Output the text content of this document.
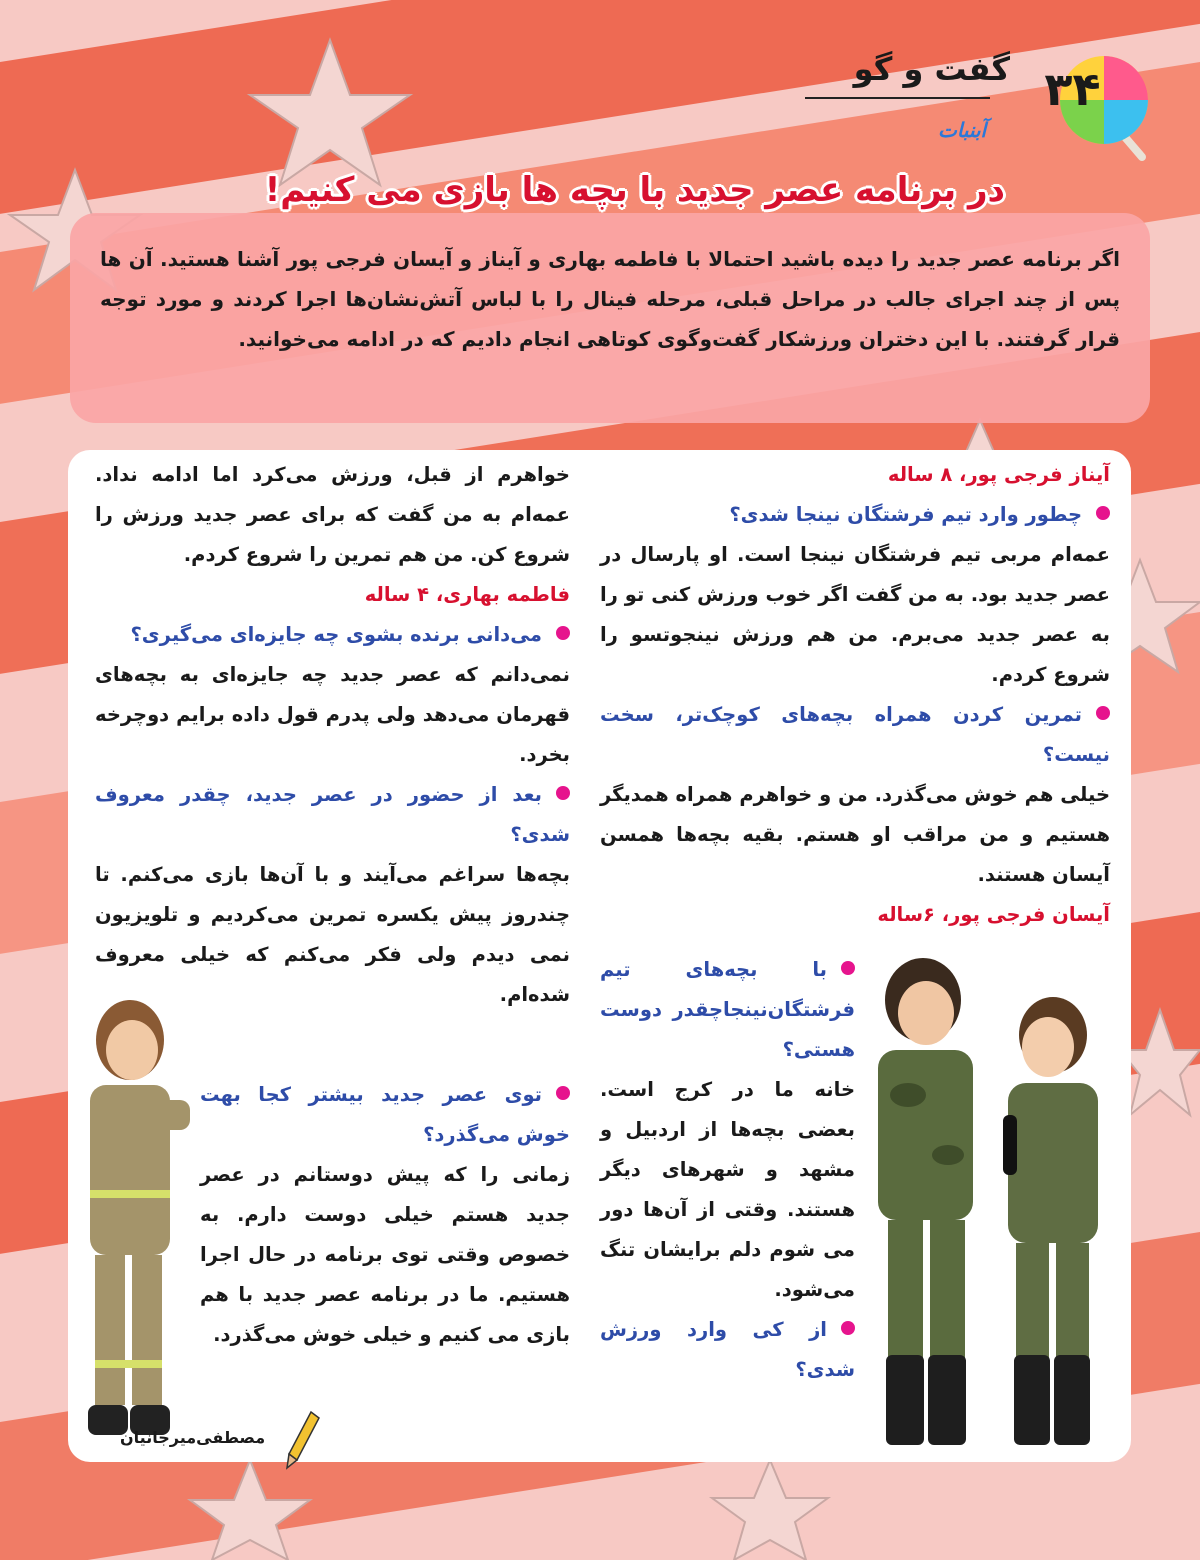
گفت و گو ۳۴
آبنبات
در برنامه عصر جدید با بچه ها بازی می کنیم!

اگر برنامه عصر جدید را دیده باشید احتمالا با فاطمه بهاری و آیناز و آیسان فرجی پور آشنا هستید. آن ها پس از چند اجرای جالب در مراحل قبلی، مرحله فینال را با لباس آتش‌نشان‌ها اجرا کردند و مورد توجه قرار گرفتند. با این دختران ورزشکار گفت‌وگوی کوتاهی انجام دادیم که در ادامه می‌خوانید.

آیناز فرجی پور، ۸ ساله

چطور وارد تیم فرشتگان نینجا شدی؟

عمه‌ام مربی تیم فرشتگان نینجا است. او پارسال در عصر جدید بود. به من گفت اگر خوب ورزش کنی تو را به عصر جدید می‌برم. من هم ورزش نینجوتسو را شروع کردم.

تمرین کردن همراه بچه‌های کوچک‌تر، سخت نیست؟

خیلی هم خوش می‌گذرد. من و خواهرم همراه همدیگر هستیم و من مراقب او هستم. بقیه بچه‌ها همسن آیسان هستند.

آیسان فرجی پور، ۶ساله

با بچه‌های تیم فرشتگان‌نینجاچقدر دوست هستی؟

خانه ما در کرج است. بعضی بچه‌ها از اردبیل و مشهد و شهرهای دیگر هستند. وقتی از آن‌ها دور می شوم دلم برایشان تنگ می‌شود.

از کی وارد ورزش شدی؟

خواهرم از قبل، ورزش می‌کرد اما ادامه نداد. عمه‌ام به من گفت که برای عصر جدید ورزش را شروع کن. من هم تمرین را شروع کردم.

فاطمه بهاری، ۴ ساله

می‌دانی برنده بشوی چه جایزه‌ای می‌گیری؟

نمی‌دانم که عصر جدید چه جایزه‌ای به بچه‌های قهرمان می‌دهد ولی پدرم قول داده برایم دوچرخه بخرد.

بعد از حضور در عصر جدید، چقدر معروف شدی؟

بچه‌ها سراغم می‌آیند و با آن‌ها بازی می‌کنم. تا چندروز پیش یکسره تمرین می‌کردیم و تلویزیون نمی دیدم ولی فکر می‌کنم که خیلی معروف شده‌ام.

توی عصر جدید بیشتر کجا بهت خوش می‌گذرد؟

زمانی را که پیش دوستانم در عصر جدید هستم خیلی دوست دارم. به خصوص وقتی توی برنامه در حال اجرا هستیم. ما در برنامه عصر جدید با هم بازی می کنیم و خیلی خوش می‌گذرد.

مصطفی‌میرجانیان
